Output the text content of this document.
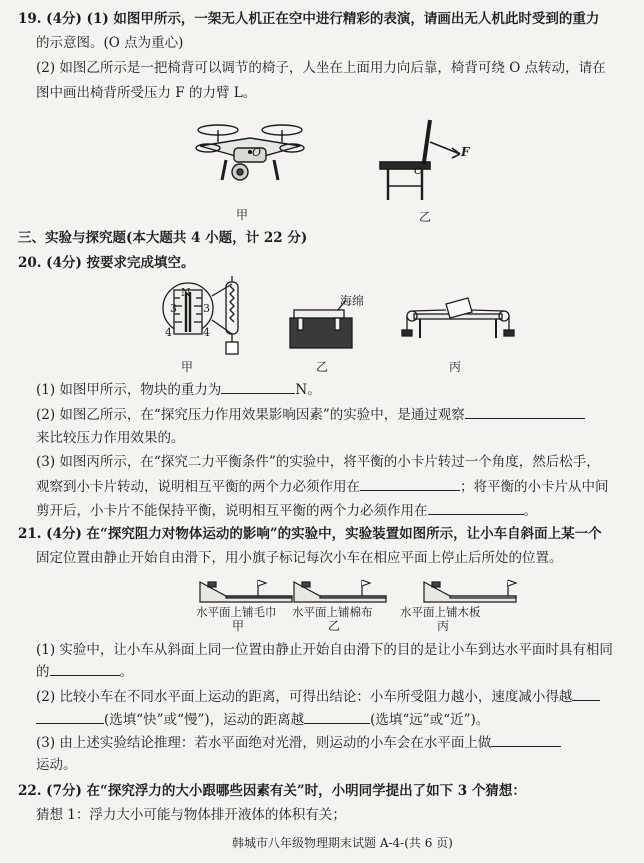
19. (4分) (1) 如图甲所示，一架无人机正在空中进行精彩的表演，请画出无人机此时受到的重力
的示意图。(O 点为重心)
(2) 如图乙所示是一把椅背可以调节的椅子，人坐在上面用力向后靠，椅背可绕 O 点转动，请在
图中画出椅背所受压力 F 的力臂 L。
O
甲
F
O
乙
三、实验与探究题(本大题共 4 小题，计 22 分)
20. (4分) 按要求完成填空。
N
3 3
4	4
甲
海绵
乙	丙
(1) 如图甲所示，物块的重力为	N。
(2) 如图乙所示，在“探究压力作用效果影响因素”的实验中，是通过观察
来比较压力作用效果的。
(3) 如图丙所示，在“探究二力平衡条件”的实验中，将平衡的小卡片转过一个角度，然后松手，
观察到小卡片转动，说明相互平衡的两个力必须作用在	；将平衡的小卡片从中间
剪开后，小卡片不能保持平衡，说明相互平衡的两个力必须作用在	。
21. (4分) 在“探究阻力对物体运动的影响”的实验中，实验装置如图所示，让小车自斜面上某一个
固定位置由静止开始自由滑下，用小旗子标记每次小车在相应平面上停止后所处的位置。
水平面上铺毛巾 水平面上铺棉布 水平面上铺木板
甲	乙	丙
(1) 实验中，让小车从斜面上同一位置由静止开始自由滑下的目的是让小车到达水平面时具有相同
的	。
(2) 比较小车在不同水平面上运动的距离，可得出结论：小车所受阻力越小，速度减小得越
(选填“快”或“慢”)，运动的距离越	(选填“远”或“近”)。
(3) 由上述实验结论推理：若水平面绝对光滑，则运动的小车会在水平面上做
运动。
22. (7分) 在“探究浮力的大小跟哪些因素有关”时，小明同学提出了如下 3 个猜想：
猜想 1：浮力大小可能与物体排开液体的体积有关；
韩城市八年级物理期末试题 A-4-(共 6 页)
